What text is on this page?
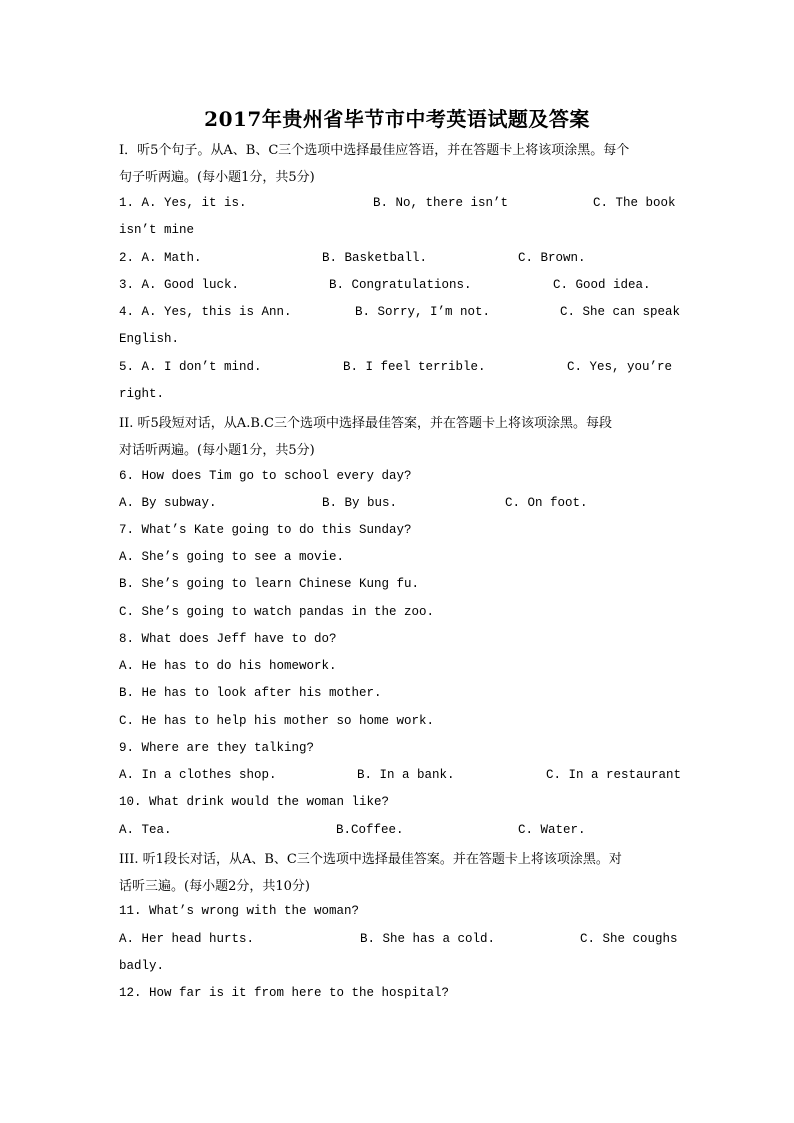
2017年贵州省毕节市中考英语试题及答案
I．听5个句子。从A、B、C三个选项中选择最佳应答语，并在答题卡上将该项涂黑。每个
句子听两遍。(每小题1分，共5分)
1. A. Yes, it is.	B. No, there isn’t	C. The book
isn’t mine
2. A. Math.	B. Basketball.	C. Brown.
3. A. Good luck.	B. Congratulations.	C. Good idea.
4. A. Yes, this is Ann.	B. Sorry, I’m not.	C. She can speak
English.
5. A. I don’t mind.	B. I feel terrible.	C. Yes, you’re
right.
II. 听5段短对话，从A.B.C三个选项中选择最佳答案，并在答题卡上将该项涂黑。每段
对话听两遍。(每小题1分，共5分)
6. How does Tim go to school every day?
A. By subway.	B. By bus.	C. On foot.
7. What’s Kate going to do this Sunday?
A. She’s going to see a movie.
B. She’s going to learn Chinese Kung fu.
C. She’s going to watch pandas in the zoo.
8. What does Jeff have to do?
A. He has to do his homework.
B. He has to look after his mother.
C. He has to help his mother so home work.
9. Where are they talking?
A. In a clothes shop.	B. In a bank.	C. In a restaurant
10. What drink would the woman like?
A. Tea.	B.Coffee.	C. Water.
III. 听1段长对话，从A、B、C三个选项中选择最佳答案。并在答题卡上将该项涂黑。对
话听三遍。(每小题2分，共10分)
11. What’s wrong with the woman?
A. Her head hurts.	B. She has a cold.	C. She coughs
badly.
12. How far is it from here to the hospital?
